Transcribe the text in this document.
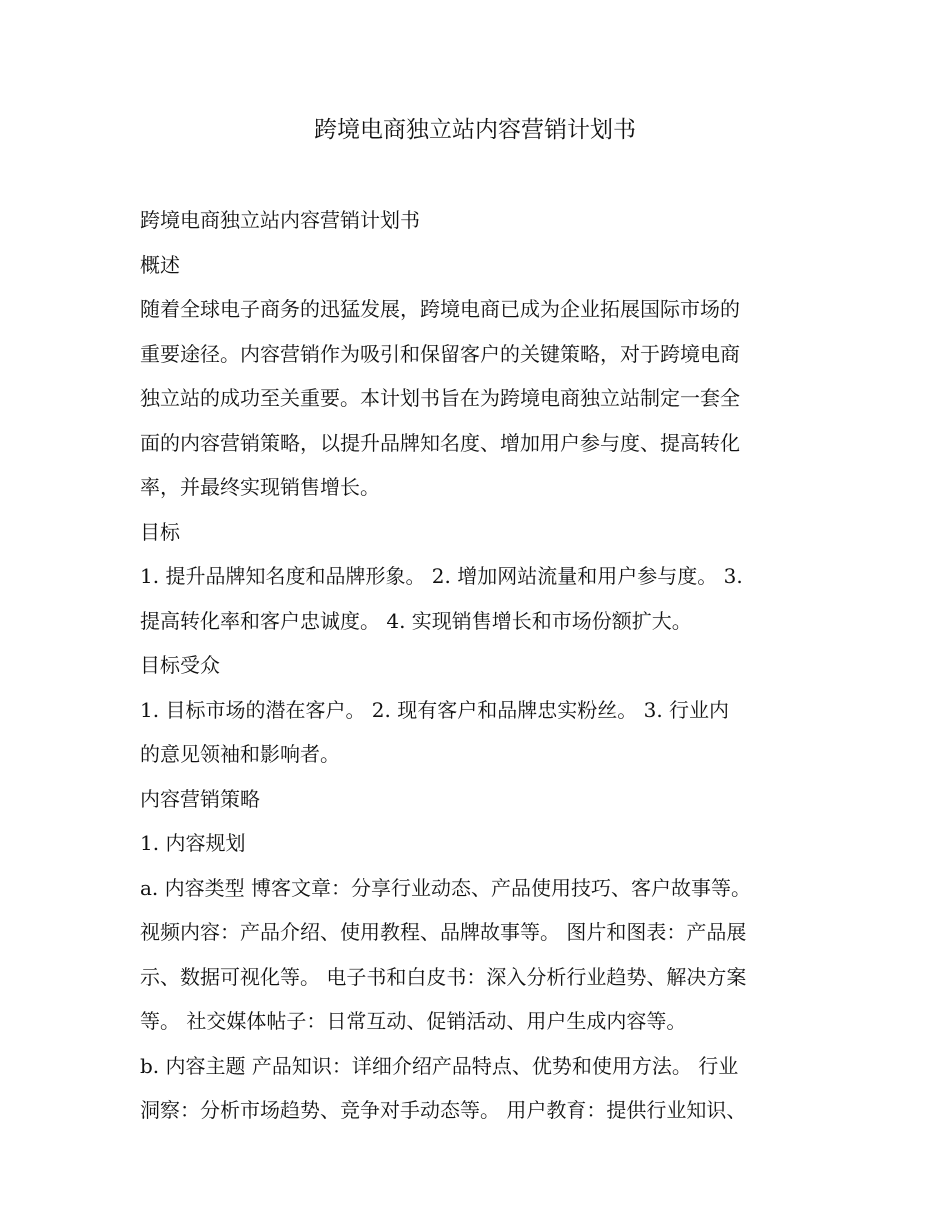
跨境电商独立站内容营销计划书

跨境电商独立站内容营销计划书

概述

随着全球电子商务的迅猛发展，跨境电商已成为企业拓展国际市场的

重要途径。内容营销作为吸引和保留客户的关键策略，对于跨境电商

独立站的成功至关重要。本计划书旨在为跨境电商独立站制定一套全

面的内容营销策略，以提升品牌知名度、增加用户参与度、提高转化

率，并最终实现销售增长。

目标

1. 提升品牌知名度和品牌形象。 2. 增加网站流量和用户参与度。 3.

提高转化率和客户忠诚度。 4. 实现销售增长和市场份额扩大。

目标受众

1. 目标市场的潜在客户。 2. 现有客户和品牌忠实粉丝。 3. 行业内

的意见领袖和影响者。

内容营销策略

1. 内容规划

a. 内容类型 博客文章：分享行业动态、产品使用技巧、客户故事等。

视频内容：产品介绍、使用教程、品牌故事等。 图片和图表：产品展

示、数据可视化等。 电子书和白皮书：深入分析行业趋势、解决方案

等。 社交媒体帖子：日常互动、促销活动、用户生成内容等。

b. 内容主题 产品知识：详细介绍产品特点、优势和使用方法。 行业

洞察：分析市场趋势、竞争对手动态等。 用户教育：提供行业知识、
